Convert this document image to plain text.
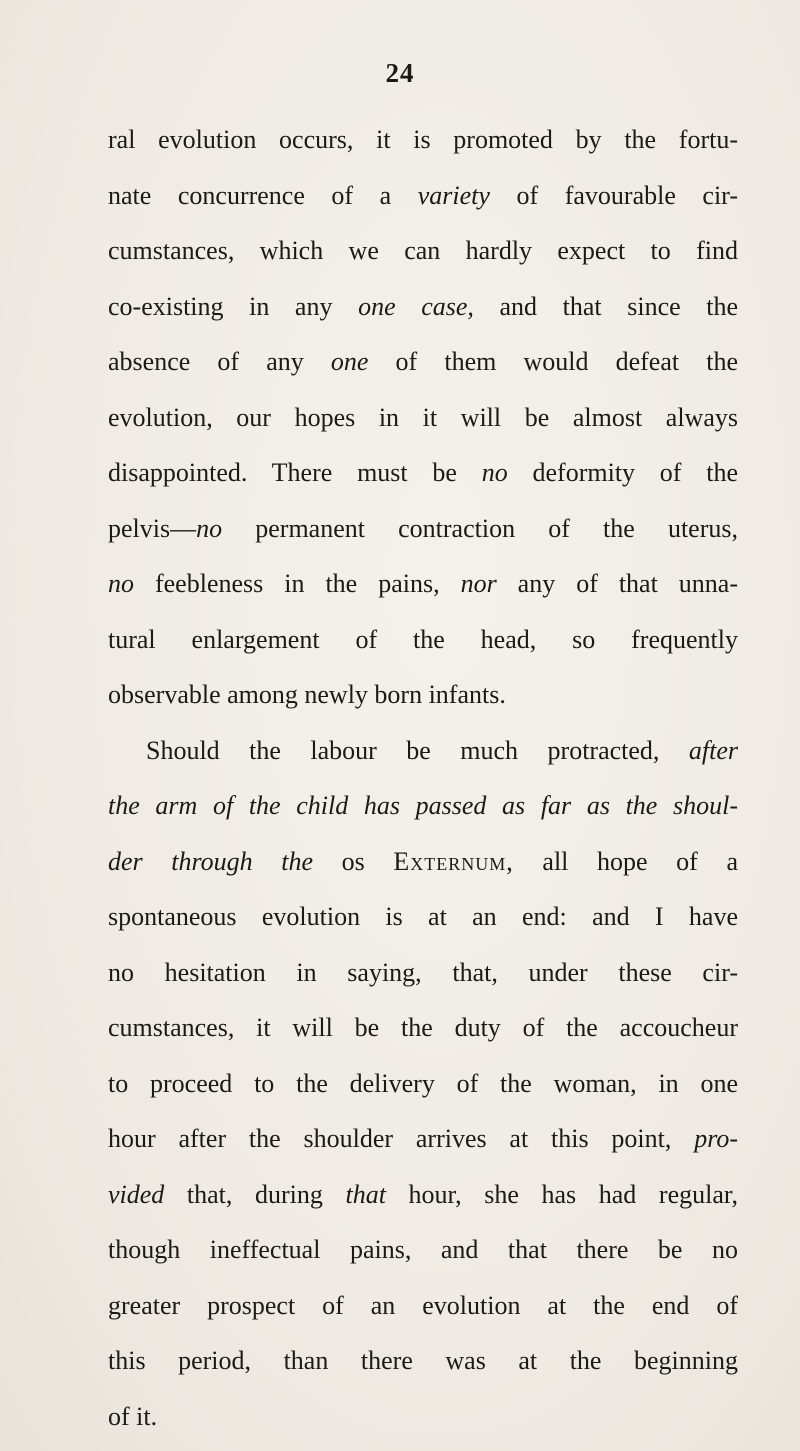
24
ral evolution occurs, it is promoted by the fortu-
nate concurrence of a variety of favourable cir-
cumstances, which we can hardly expect to find
co-existing in any one case, and that since the
absence of any one of them would defeat the
evolution, our hopes in it will be almost always
disappointed. There must be no deformity of the
pelvis—no permanent contraction of the uterus,
no feebleness in the pains, nor any of that unna-
tural enlargement of the head, so frequently
observable among newly born infants.
Should the labour be much protracted, after
the arm of the child has passed as far as the shoul-
der through the os Externum, all hope of a
spontaneous evolution is at an end: and I have
no hesitation in saying, that, under these cir-
cumstances, it will be the duty of the accoucheur
to proceed to the delivery of the woman, in one
hour after the shoulder arrives at this point, pro-
vided that, during that hour, she has had regular,
though ineffectual pains, and that there be no
greater prospect of an evolution at the end of
this period, than there was at the beginning
of it.
